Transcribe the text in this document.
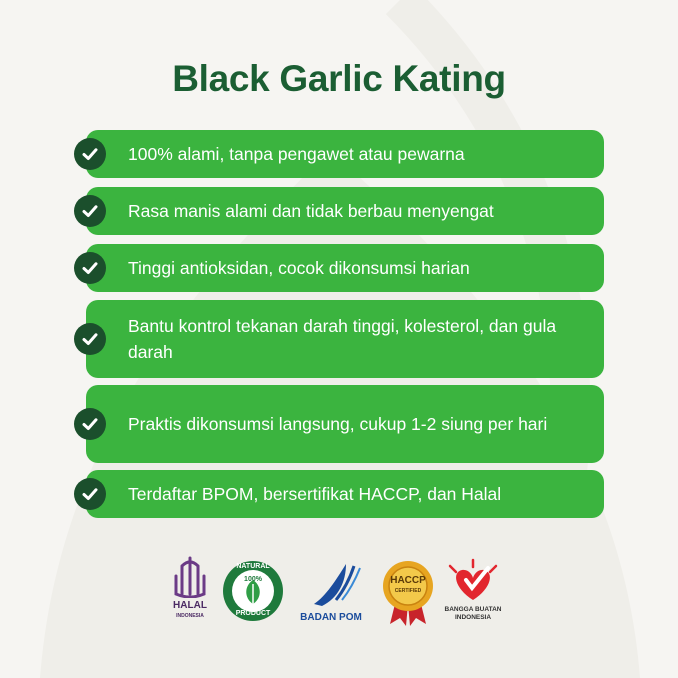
Black Garlic Kating
100% alami, tanpa pengawet atau pewarna
Rasa manis alami dan tidak berbau menyengat
Tinggi antioksidan, cocok dikonsumsi harian
Bantu kontrol tekanan darah tinggi, kolesterol, dan gula darah
Praktis dikonsumsi langsung, cukup 1-2 siung per hari
Terdaftar BPOM, bersertifikat HACCP, dan Halal
HALAL
INDONESIA
NATURAL
100%
PRODUCT	BADAN POM
HACCP
CERTIFIED
BANGGA BUATAN INDONESIA
